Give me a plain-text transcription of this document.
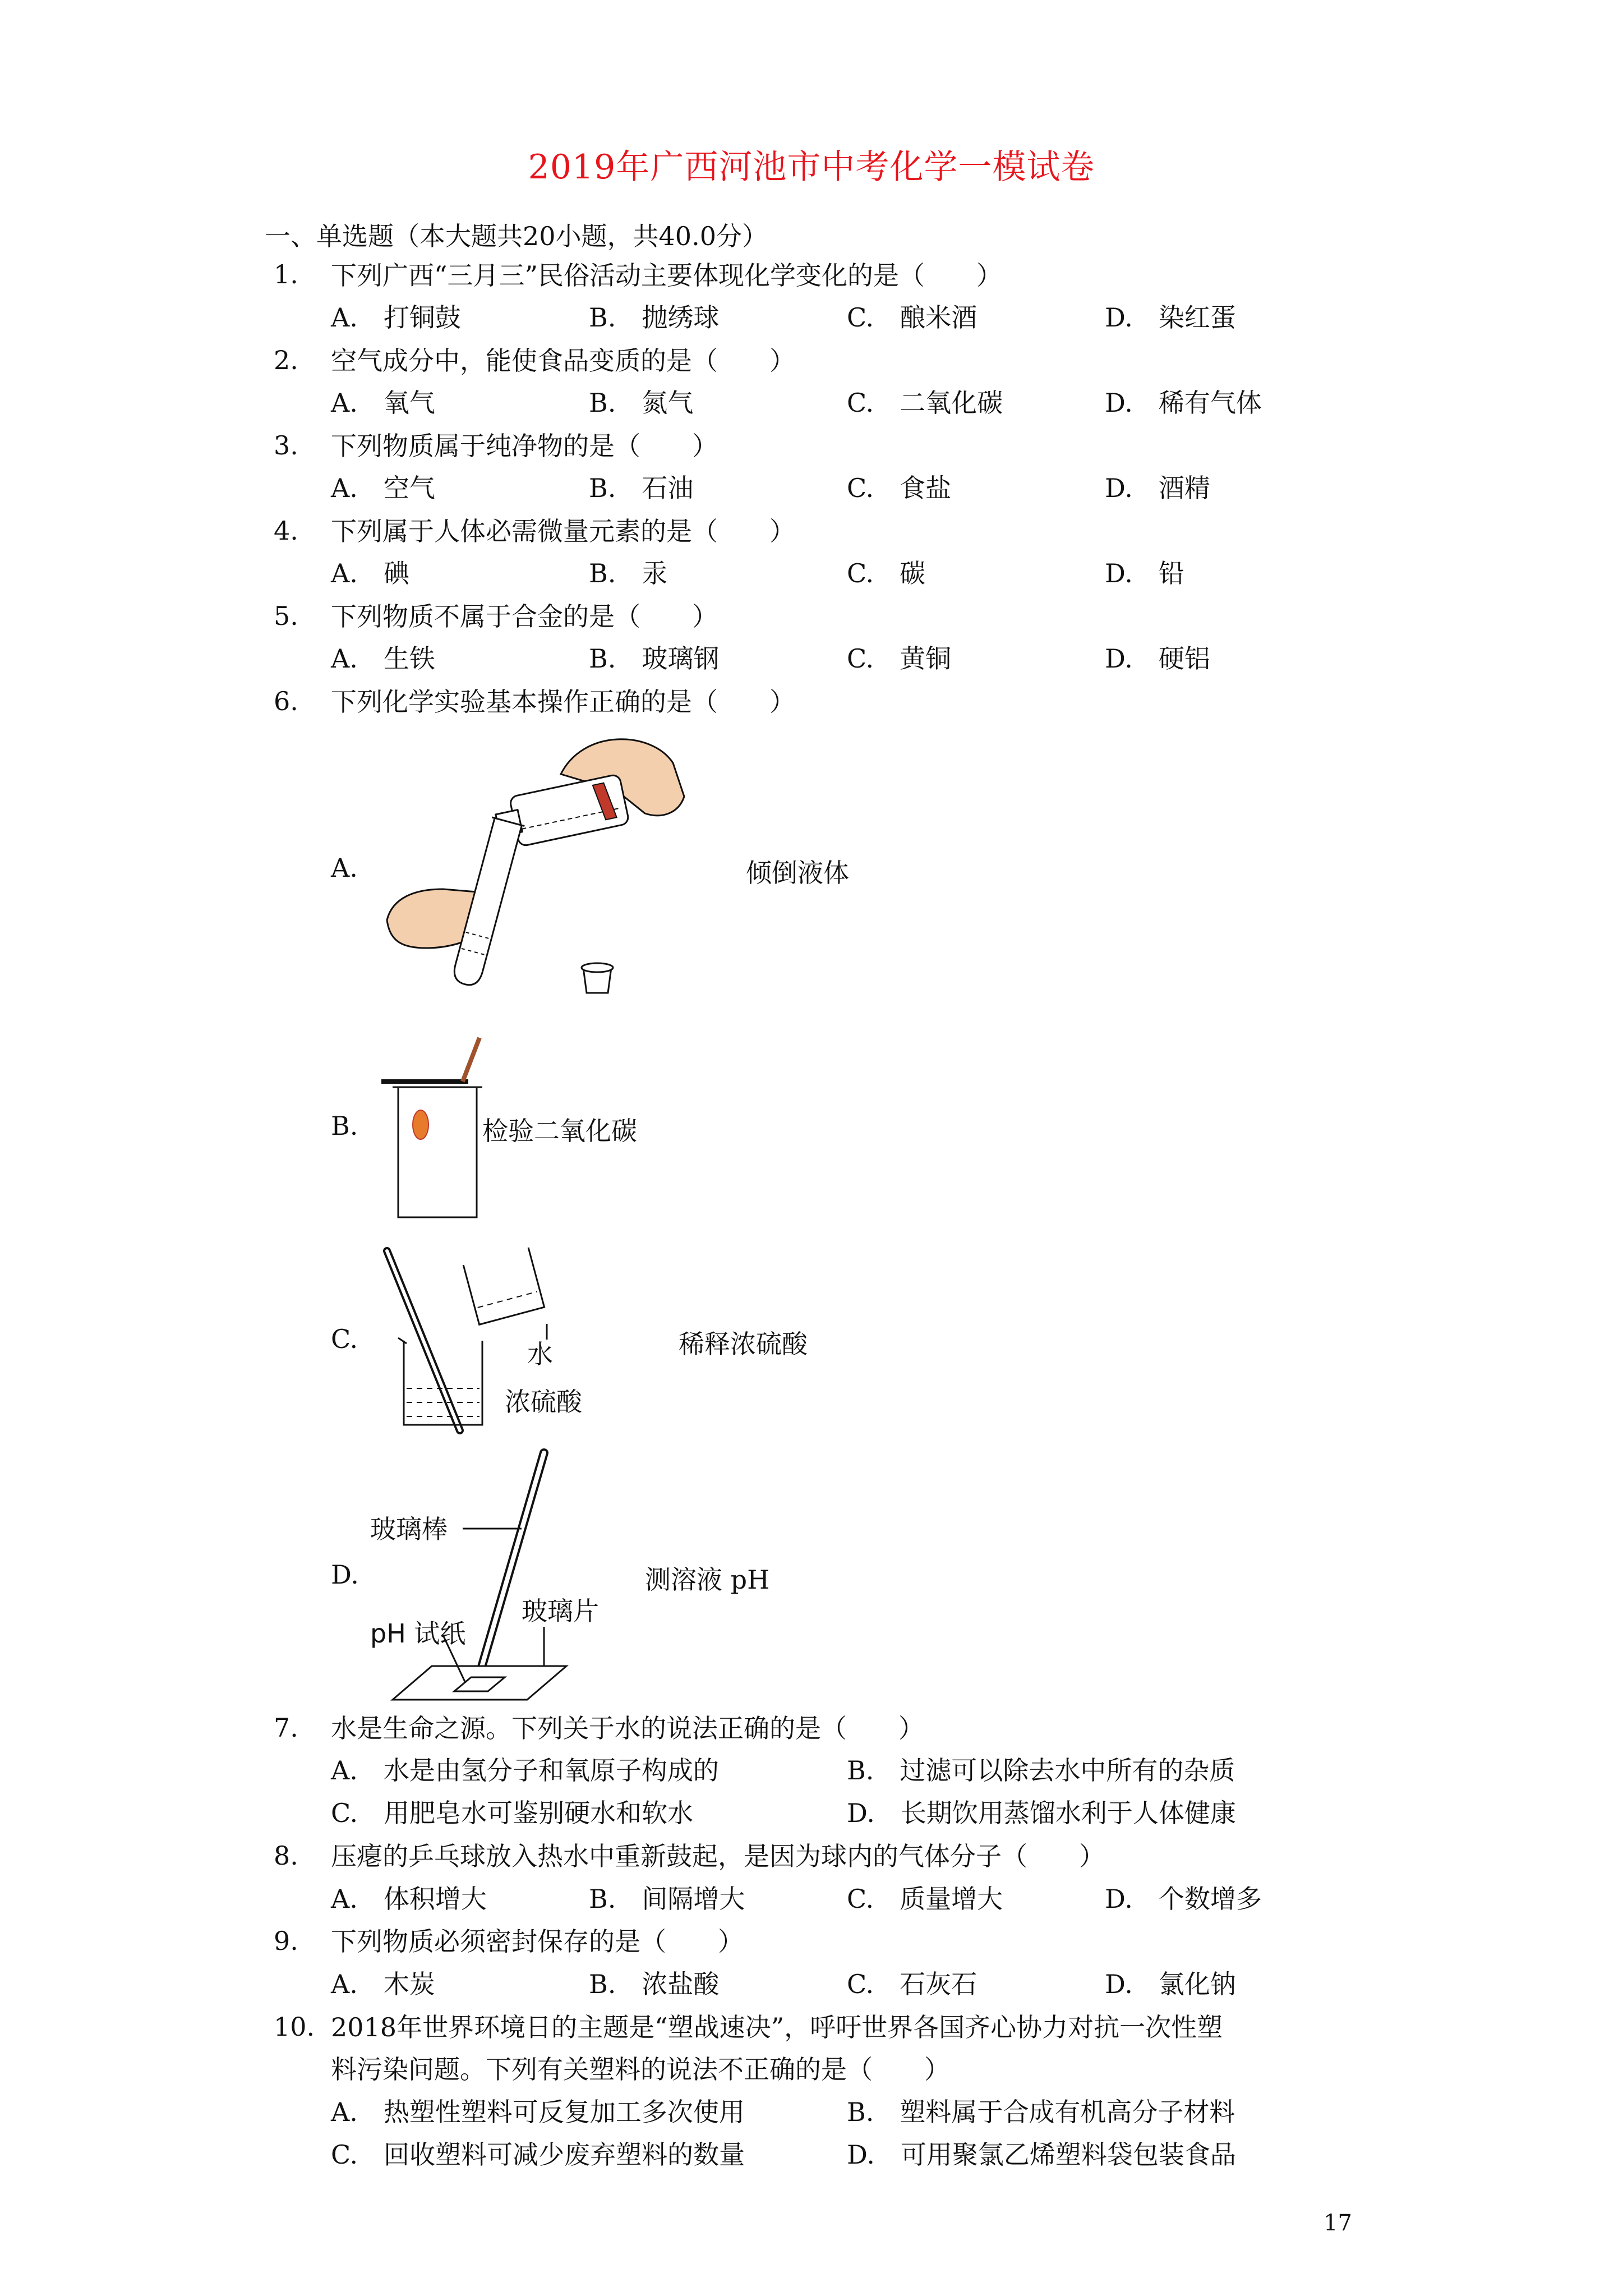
2019年广西河池市中考化学一模试卷
一、单选题（本大题共20小题，共40.0分）
1.	下列广西“三月三”民俗活动主要体现化学变化的是（　　）
A.　打铜鼓	B.　抛绣球	C.　酿米酒	D.　染红蛋
2.	空气成分中，能使食品变质的是（　　）
A.　氧气	B.　氮气	C.　二氧化碳	D.　稀有气体
3.	下列物质属于纯净物的是（　　）
A.　空气	B.　石油	C.　食盐	D.　酒精
4.	下列属于人体必需微量元素的是（　　）
A.　碘	B.　汞	C.　碳	D.　铅
5.	下列物质不属于合金的是（　　）
A.　生铁	B.　玻璃钢	C.　黄铜	D.　硬铝
6.	下列化学实验基本操作正确的是（　　）
A.	倾倒液体
B.	检验二氧化碳
C.	水
浓硫酸
稀释浓硫酸
D.
玻璃棒
玻璃片
pH 试纸
测溶液 pH
7.	水是生命之源。下列关于水的说法正确的是（　　）
A.　水是由氢分子和氧原子构成的	B.　过滤可以除去水中所有的杂质
C.　用肥皂水可鉴别硬水和软水	D.　长期饮用蒸馏水利于人体健康
8.	压瘪的乒乓球放入热水中重新鼓起，是因为球内的气体分子（　　）
A.　体积增大	B.　间隔增大	C.　质量增大	D.　个数增多
9.	下列物质必须密封保存的是（　　）
A.　木炭	B.　浓盐酸	C.　石灰石	D.　氯化钠
10. 2018年世界环境日的主题是“塑战速决”，呼吁世界各国齐心协力对抗一次性塑
料污染问题。下列有关塑料的说法不正确的是（　　）
A.　热塑性塑料可反复加工多次使用	B.　塑料属于合成有机高分子材料
C.　回收塑料可减少废弃塑料的数量	D.　可用聚氯乙烯塑料袋包装食品
17
